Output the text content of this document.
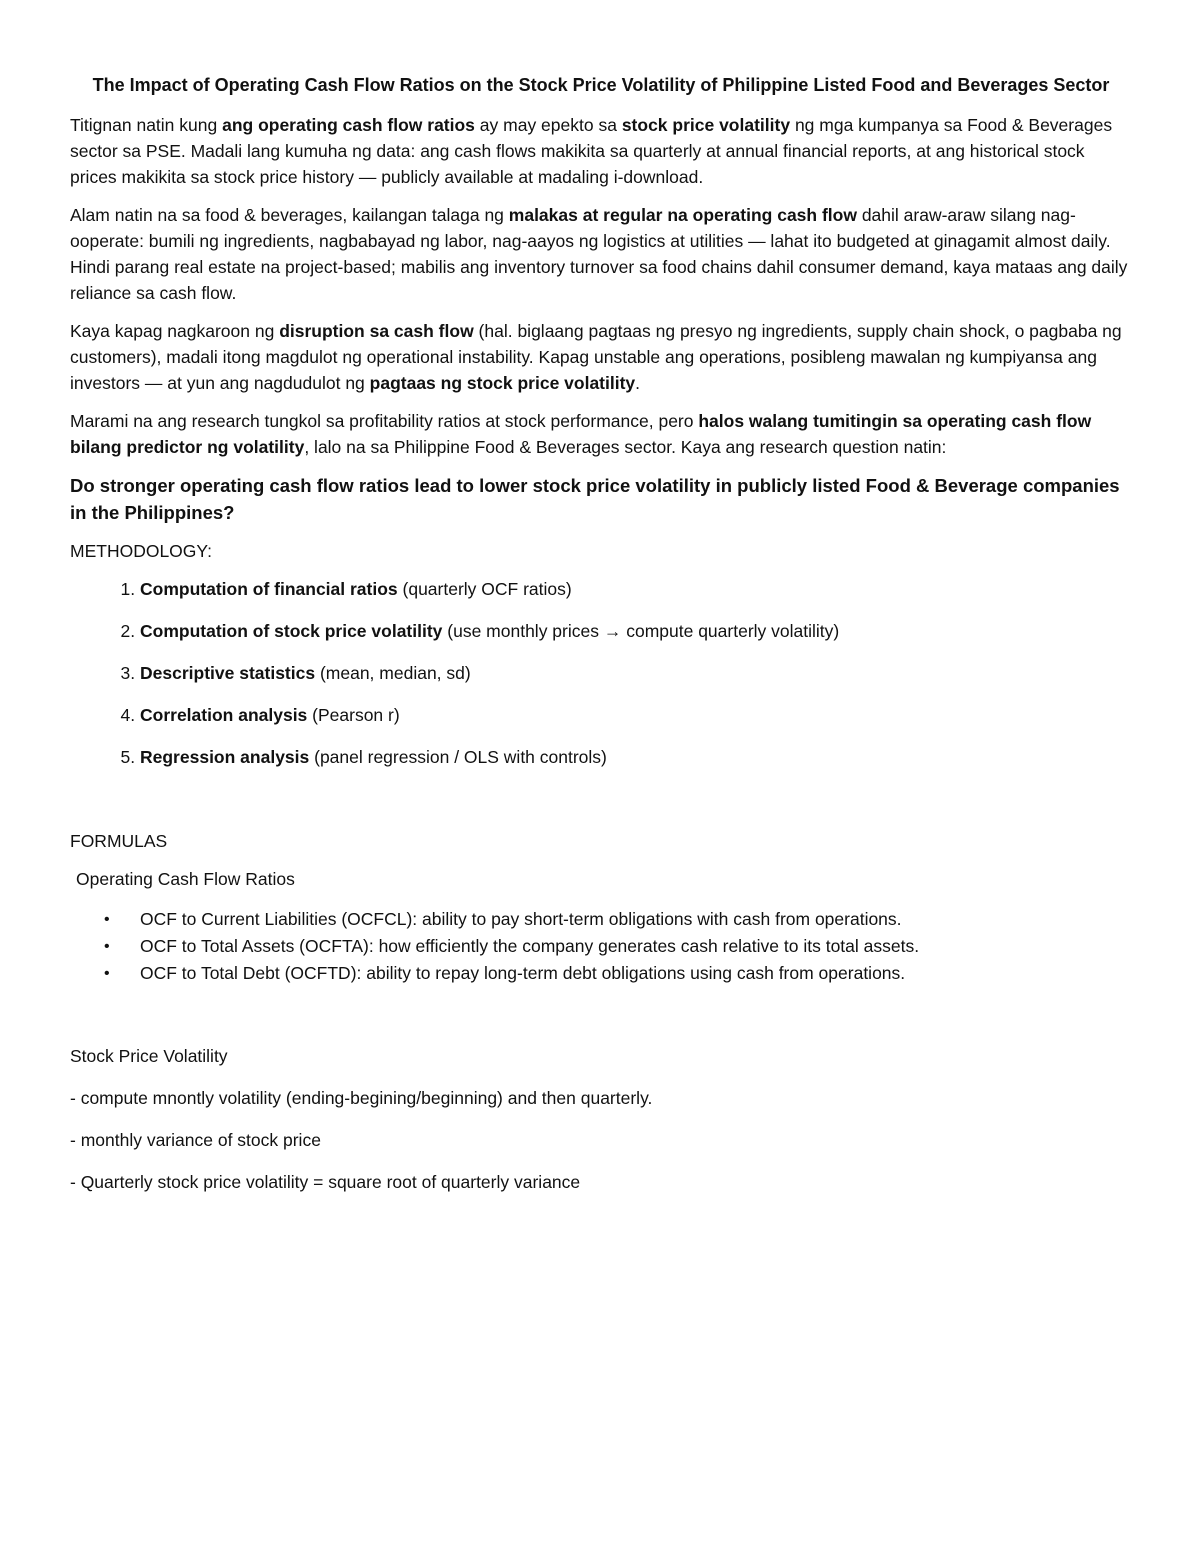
The Impact of Operating Cash Flow Ratios on the Stock Price Volatility of Philippine Listed Food and Beverages Sector

Titignan natin kung ang operating cash flow ratios ay may epekto sa stock price volatility ng mga kumpanya sa Food & Beverages sector sa PSE. Madali lang kumuha ng data: ang cash flows makikita sa quarterly at annual financial reports, at ang historical stock prices makikita sa stock price history — publicly available at madaling i-download.

Alam natin na sa food & beverages, kailangan talaga ng malakas at regular na operating cash flow dahil araw-araw silang nag-ooperate: bumili ng ingredients, nagbabayad ng labor, nag-aayos ng logistics at utilities — lahat ito budgeted at ginagamit almost daily. Hindi parang real estate na project-based; mabilis ang inventory turnover sa food chains dahil consumer demand, kaya mataas ang daily reliance sa cash flow.

Kaya kapag nagkaroon ng disruption sa cash flow (hal. biglaang pagtaas ng presyo ng ingredients, supply chain shock, o pagbaba ng customers), madali itong magdulot ng operational instability. Kapag unstable ang operations, posibleng mawalan ng kumpiyansa ang investors — at yun ang nagdudulot ng pagtaas ng stock price volatility.

Marami na ang research tungkol sa profitability ratios at stock performance, pero halos walang tumitingin sa operating cash flow bilang predictor ng volatility, lalo na sa Philippine Food & Beverages sector. Kaya ang research question natin:

Do stronger operating cash flow ratios lead to lower stock price volatility in publicly listed Food & Beverage companies in the Philippines?
METHODOLOGY:
1. Computation of financial ratios (quarterly OCF ratios)
2. Computation of stock price volatility (use monthly prices → compute quarterly volatility)
3. Descriptive statistics (mean, median, sd)
4. Correlation analysis (Pearson r)
5. Regression analysis (panel regression / OLS with controls)
FORMULAS
Operating Cash Flow Ratios
• OCF to Current Liabilities (OCFCL): ability to pay short-term obligations with cash from operations.
• OCF to Total Assets (OCFTA): how efficiently the company generates cash relative to its total assets.
• OCF to Total Debt (OCFTD): ability to repay long-term debt obligations using cash from operations.
Stock Price Volatility
- compute mnontly volatility (ending-begining/beginning) and then quarterly.
- monthly variance of stock price
- Quarterly stock price volatility = square root of quarterly variance
